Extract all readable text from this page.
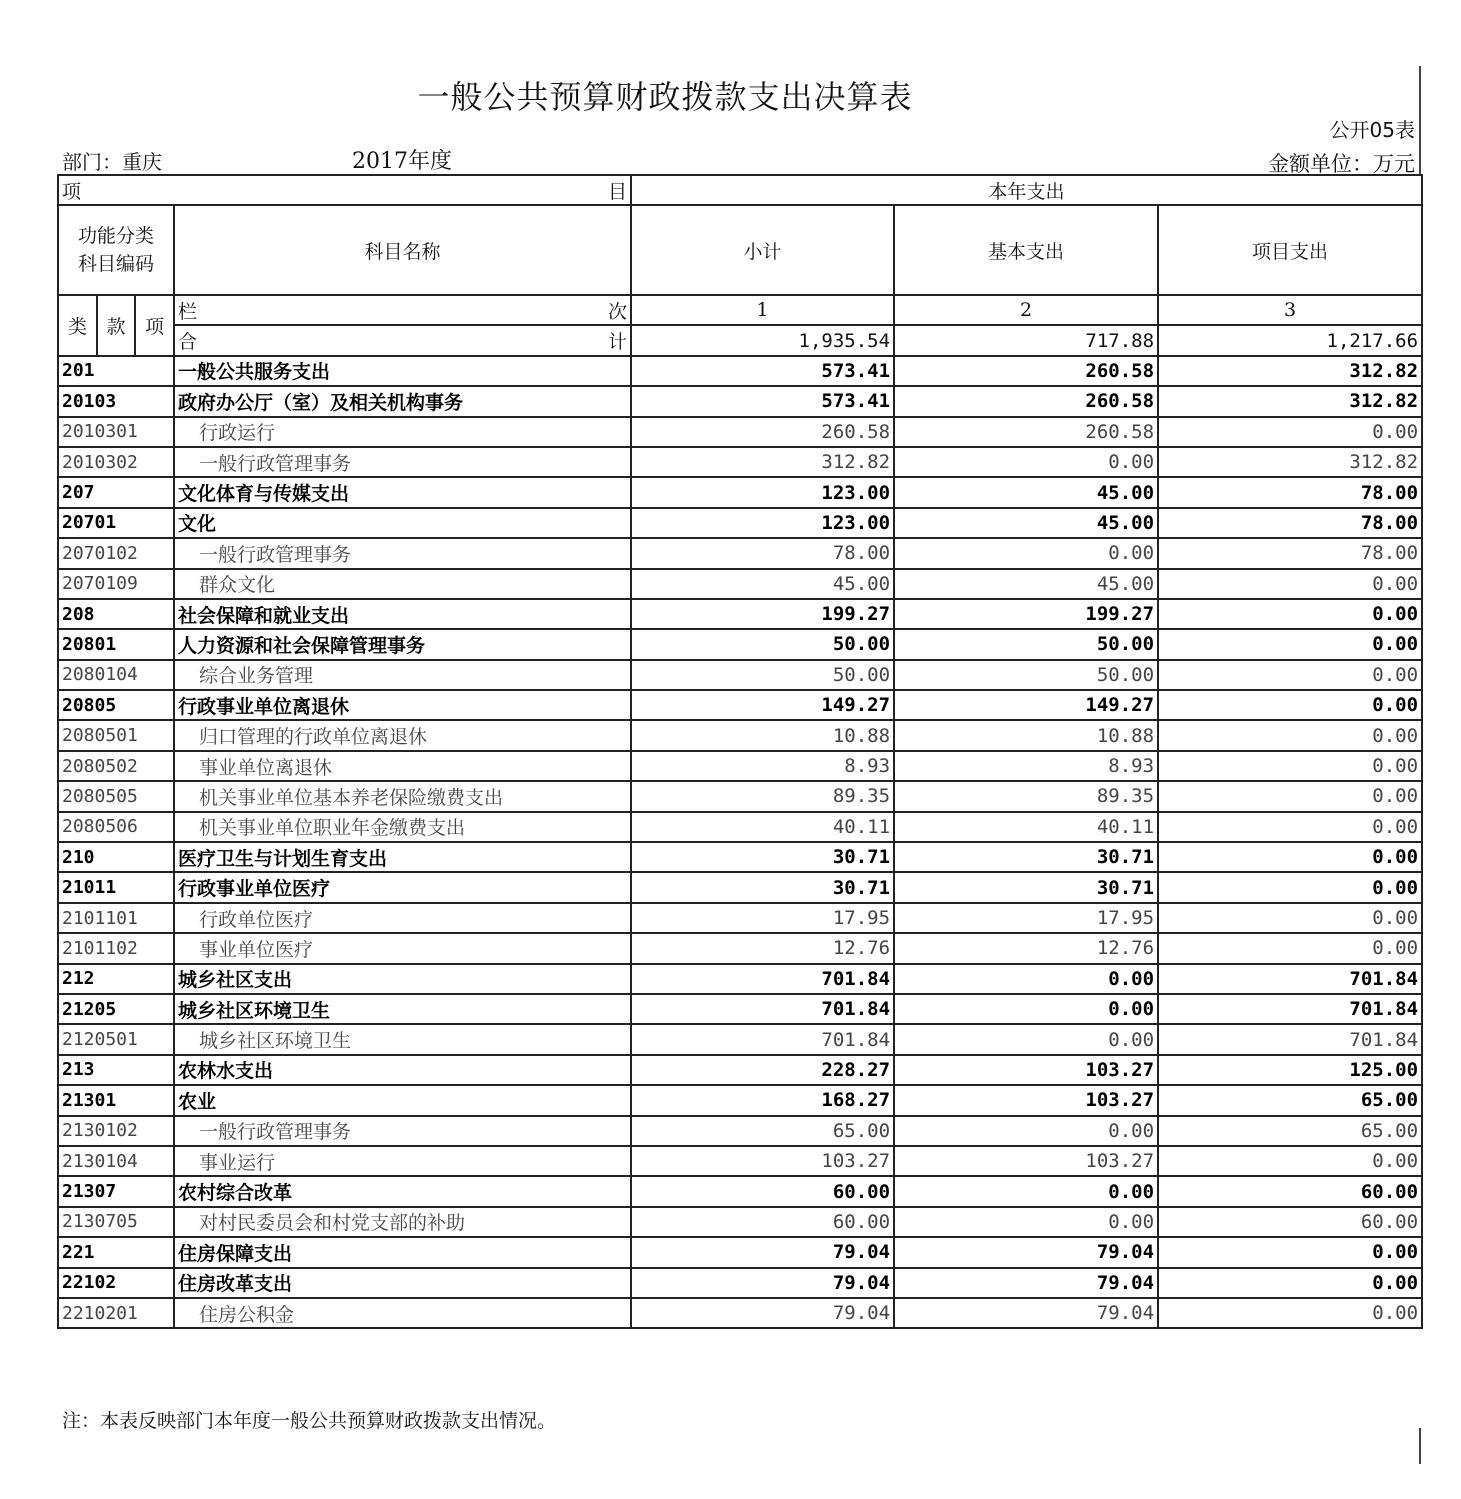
一般公共预算财政拨款支出决算表
公开05表
部门：重​庆	2017年度	金额单位：万元
项 目				本年支出		
功能分类科目编码			科目名称	小计	基本支出	项目支出
类	款	项	栏 次	1	2	3

			合 计	1,935.54	717.88	1,217.66
201			一般公共服务支出	573.41	260.58	312.82
20103			政府办公厅（室）及相关机构事务	573.41	260.58	312.82
2010301			行政运行	260.58	260.58	0.00
2010302			一般行政管理事务	312.82	0.00	312.82
207			文化体育与传媒支出	123.00	45.00	78.00
20701			文化	123.00	45.00	78.00
2070102			一般行政管理事务	78.00	0.00	78.00
2070109			群众文化	45.00	45.00	0.00
208			社会保障和就业支出	199.27	199.27	0.00
20801			人力资源和社会保障管理事务	50.00	50.00	0.00
2080104			综合业务管理	50.00	50.00	0.00
20805			行政事业单位离退休	149.27	149.27	0.00
2080501			归口管理的行政单位离退休	10.88	10.88	0.00
2080502			事业单位离退休	8.93	8.93	0.00
2080505			机关事业单位基本养老保险缴费支出	89.35	89.35	0.00
2080506			机关事业单位职业年金缴费支出	40.11	40.11	0.00
210			医疗卫生与计划生育支出	30.71	30.71	0.00
21011			行政事业单位医疗	30.71	30.71	0.00
2101101			行政单位医疗	17.95	17.95	0.00
2101102			事业单位医疗	12.76	12.76	0.00
212			城乡社区支出	701.84	0.00	701.84
21205			城乡社区环境卫生	701.84	0.00	701.84
2120501			城乡社区环境卫生	701.84	0.00	701.84
213			农林水支出	228.27	103.27	125.00
21301			农业	168.27	103.27	65.00
2130102			一般行政管理事务	65.00	0.00	65.00
2130104			事业运行	103.27	103.27	0.00
21307			农村综合改革	60.00	0.00	60.00
2130705			对村民委员会和村党支部的补助	60.00	0.00	60.00
221			住房保障支出	79.04	79.04	0.00
22102			住房改革支出	79.04	79.04	0.00
2210201			住房公积金	79.04	79.04	0.00
注：本表反映部门本年度一般公共预算财政拨款支出情况。
